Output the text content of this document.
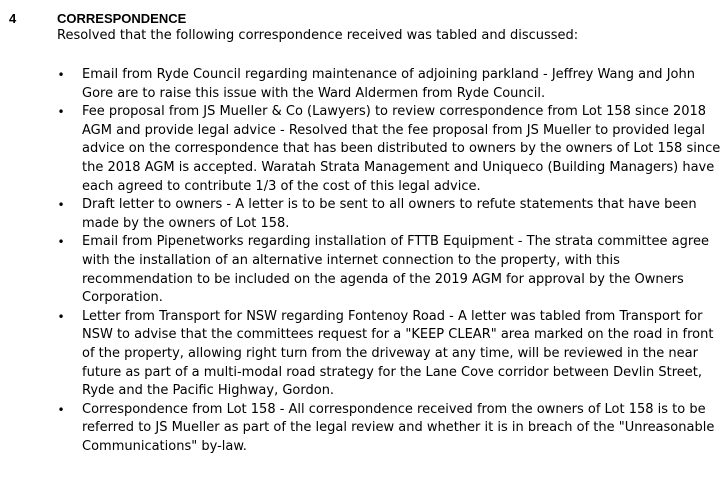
4	CORRESPONDENCE
Resolved that the following correspondence received was tabled and discussed:
• Email from Ryde Council regarding maintenance of adjoining parkland - Jeffrey Wang and John
Gore are to raise this issue with the Ward Aldermen from Ryde Council.
• Fee proposal from JS Mueller & Co (Lawyers) to review correspondence from Lot 158 since 2018
AGM and provide legal advice - Resolved that the fee proposal from JS Mueller to provided legal
advice on the correspondence that has been distributed to owners by the owners of Lot 158 since
the 2018 AGM is accepted. Waratah Strata Management and Uniqueco (Building Managers) have
each agreed to contribute 1/3 of the cost of this legal advice.
• Draft letter to owners - A letter is to be sent to all owners to refute statements that have been
made by the owners of Lot 158.
• Email from Pipenetworks regarding installation of FTTB Equipment - The strata committee agree
with the installation of an alternative internet connection to the property, with this
recommendation to be included on the agenda of the 2019 AGM for approval by the Owners
Corporation.
• Letter from Transport for NSW regarding Fontenoy Road - A letter was tabled from Transport for
NSW to advise that the committees request for a "KEEP CLEAR" area marked on the road in front
of the property, allowing right turn from the driveway at any time, will be reviewed in the near
future as part of a multi-modal road strategy for the Lane Cove corridor between Devlin Street,
Ryde and the Pacific Highway, Gordon.
• Correspondence from Lot 158 - All correspondence received from the owners of Lot 158 is to be
referred to JS Mueller as part of the legal review and whether it is in breach of the "Unreasonable
Communications" by-law.
